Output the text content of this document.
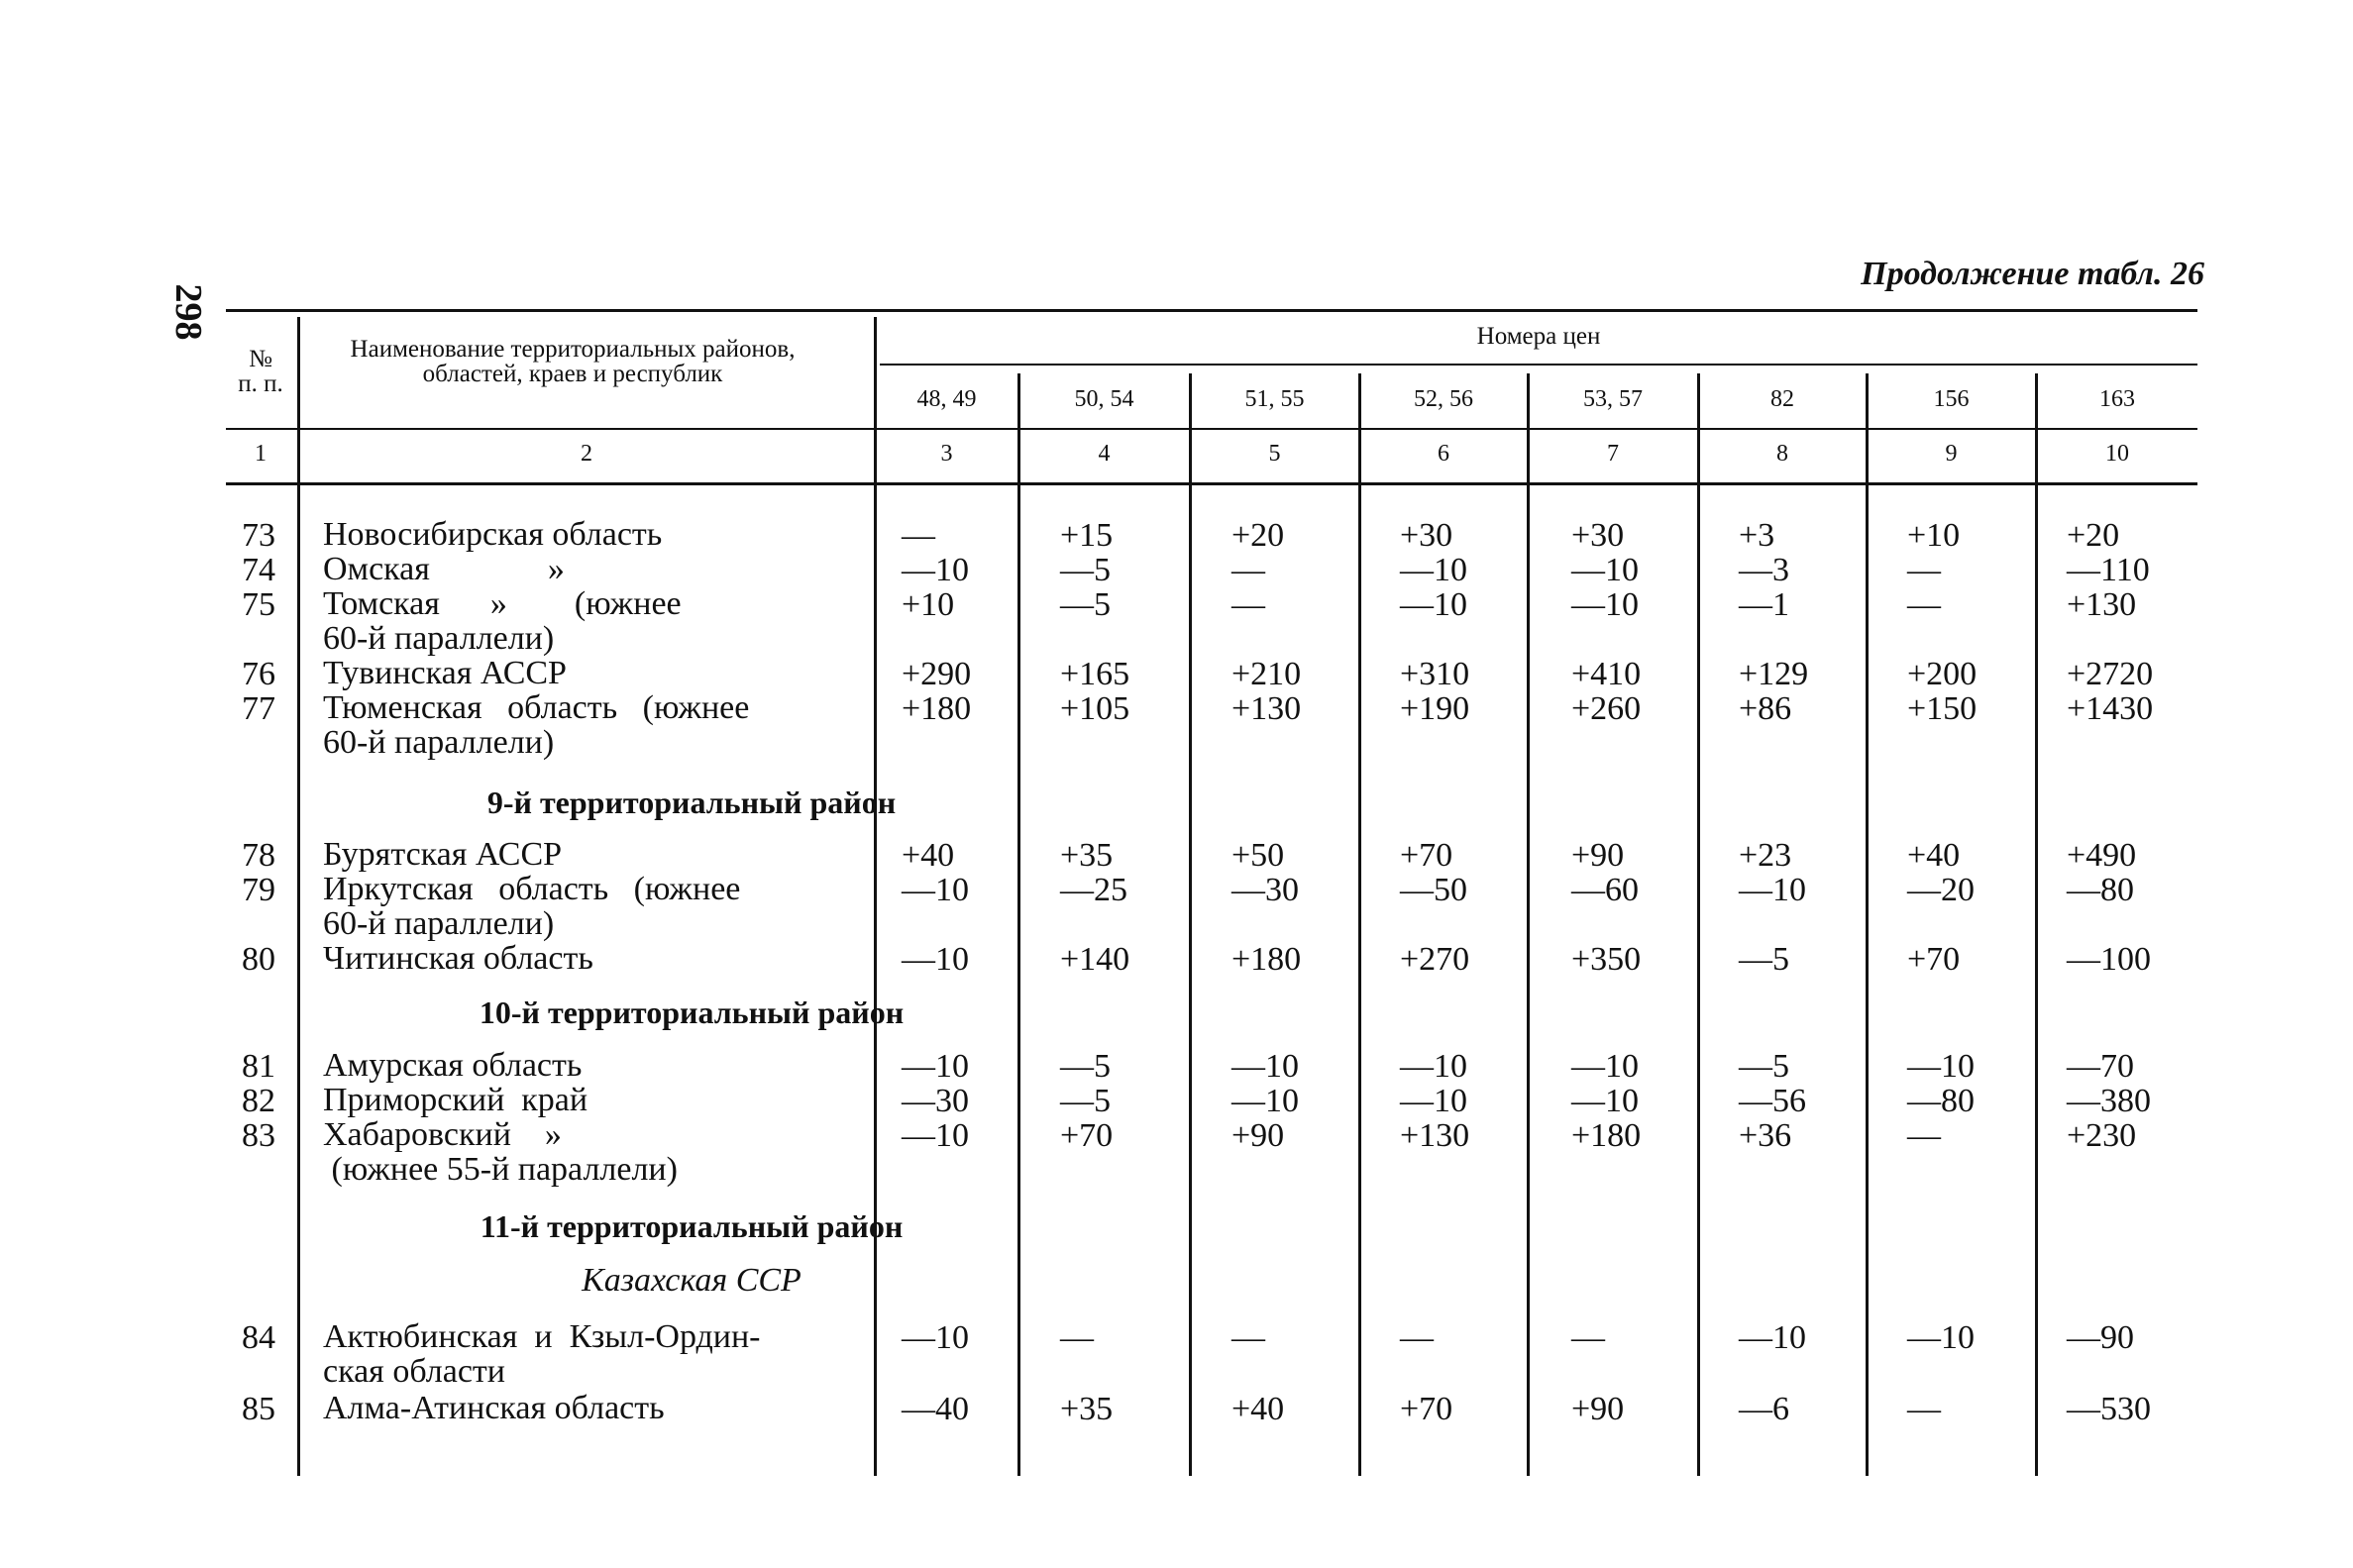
298
Продолжение табл. 26
№
п. п.
Наименование территориальных районов, областей, краев и республик
Номера цен
48, 49	50, 54	51, 55	52, 56	53, 57	82	156	163
1	2	3	4	5	6	7	8	9	10
73 Новосибирская область	—	+15	+20	+30	+30	+3	+10	+20
74 Омская              »	—10	—5	—	—10	—10	—3	—	—110
75 Томская      »        (южнее
60-й параллели)
+10	—5	—	—10	—10	—1	—	+130
76 Тувинская АССР	+290	+165	+210	+310	+410	+129	+200	+2720
77 Тюменская   область   (южнее
60-й параллели)
+180	+105	+130	+190	+260	+86	+150	+1430
9-й территориальный район
78 Бурятская АССР	+40	+35	+50	+70	+90	+23	+40	+490
79 Иркутская   область   (южнее
60-й параллели)
—10	—25	—30	—50	—60	—10	—20	—80
80 Читинская область	—10	+140	+180	+270	+350	—5	+70	—100
10-й территориальный район
81 Амурская область	—10	—5	—10	—10	—10	—5	—10	—70
82 Приморский  край	—30	—5	—10	—10	—10	—56	—80	—380
83 Хабаровский    »
(южнее 55-й параллели)
—10	+70	+90	+130	+180	+36	—	+230
11-й территориальный район
Казахская ССР
84 Актюбинская  и  Кзыл-Ордин-
ская области
—10	—	—	—	—	—10	—10	—90
85 Алма-Атинская область	—40	+35	+40	+70	+90	—6	—	—530
